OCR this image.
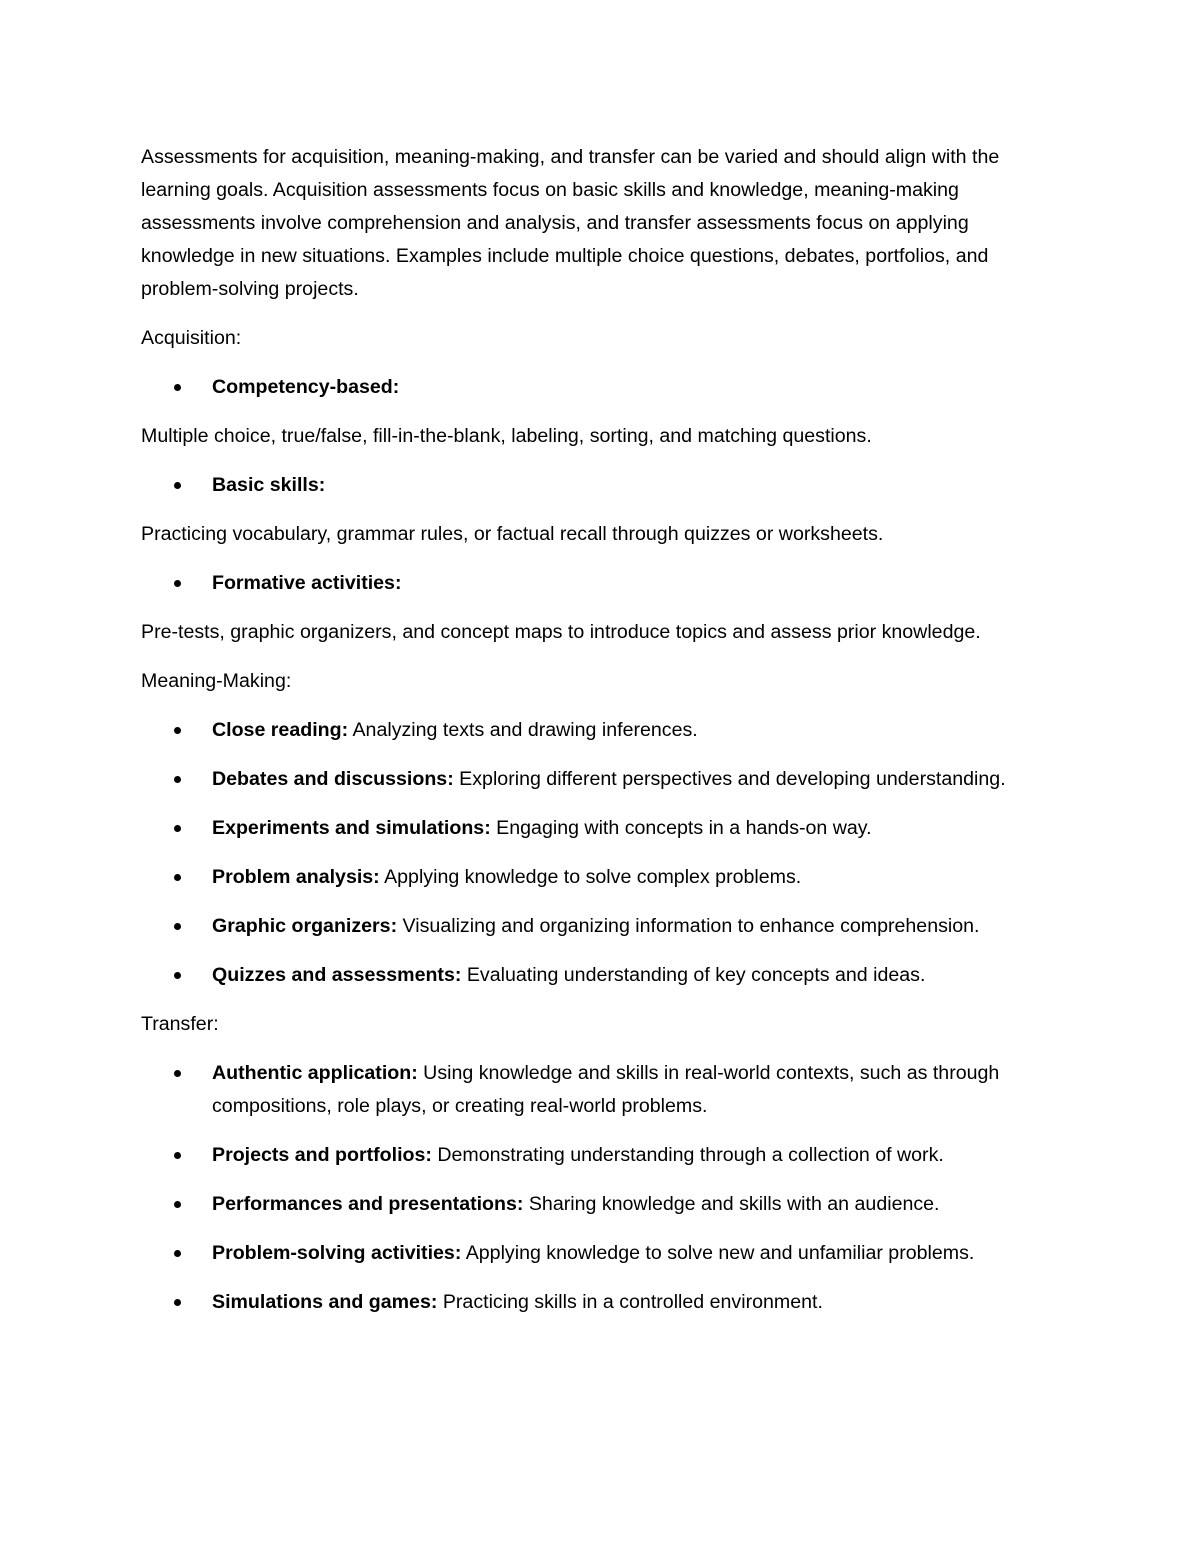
Assessments for acquisition, meaning-making, and transfer can be varied and should align with the learning goals. Acquisition assessments focus on basic skills and knowledge, meaning-making assessments involve comprehension and analysis, and transfer assessments focus on applying knowledge in new situations. Examples include multiple choice questions, debates, portfolios, and problem-solving projects.

Acquisition:

Competency-based:

Multiple choice, true/false, fill-in-the-blank, labeling, sorting, and matching questions.

Basic skills:

Practicing vocabulary, grammar rules, or factual recall through quizzes or worksheets.

Formative activities:

Pre-tests, graphic organizers, and concept maps to introduce topics and assess prior knowledge.

Meaning-Making:

Close reading: Analyzing texts and drawing inferences.
Debates and discussions: Exploring different perspectives and developing understanding.
Experiments and simulations: Engaging with concepts in a hands-on way.
Problem analysis: Applying knowledge to solve complex problems.
Graphic organizers: Visualizing and organizing information to enhance comprehension.
Quizzes and assessments: Evaluating understanding of key concepts and ideas.

Transfer:

Authentic application: Using knowledge and skills in real-world contexts, such as through compositions, role plays, or creating real-world problems.
Projects and portfolios: Demonstrating understanding through a collection of work.
Performances and presentations: Sharing knowledge and skills with an audience.
Problem-solving activities: Applying knowledge to solve new and unfamiliar problems.
Simulations and games: Practicing skills in a controlled environment.
